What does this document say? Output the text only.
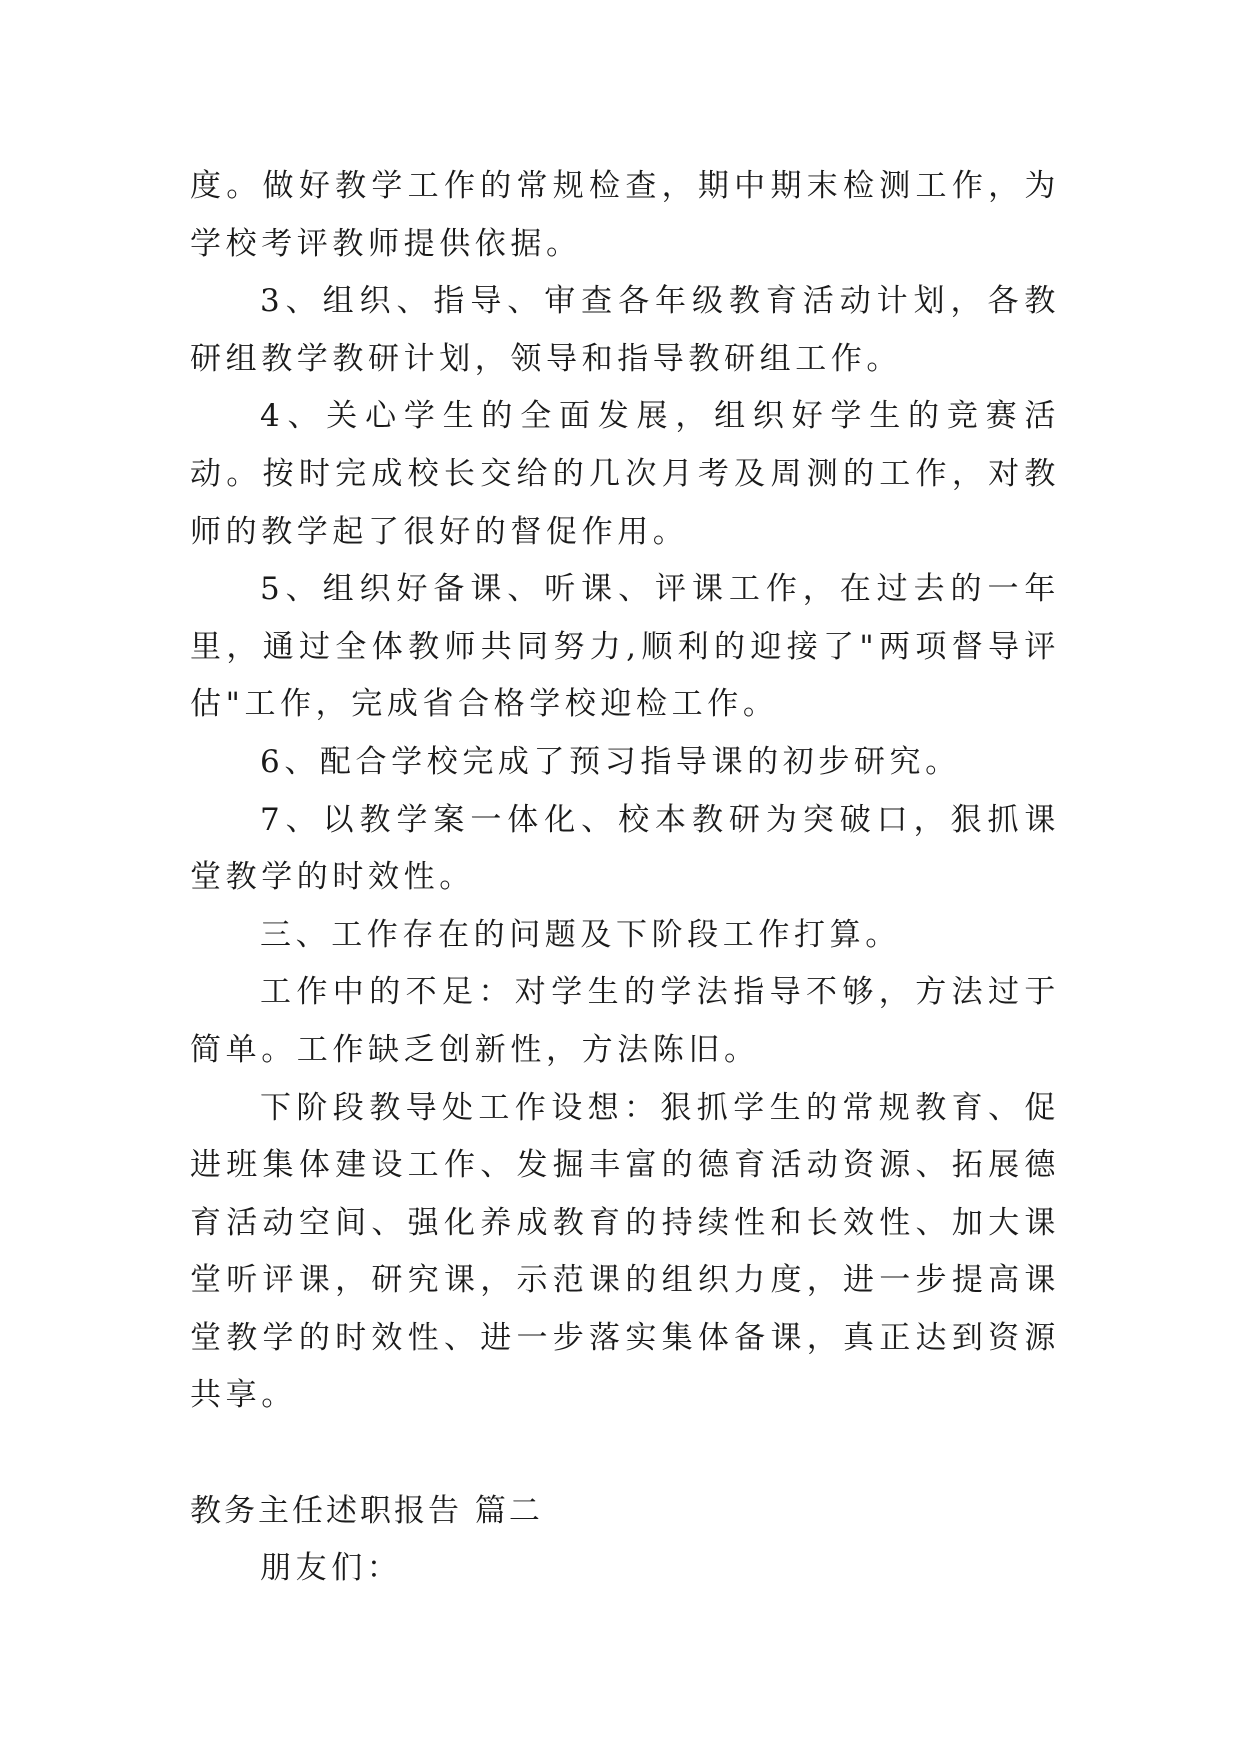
度。做好教学工作的常规检查，期中期末检测工作，为学校考评教师提供依据。

3、组织、指导、审查各年级教育活动计划，各教研组教学教研计划，领导和指导教研组工作。

4、关心学生的全面发展，组织好学生的竞赛活动。按时完成校长交给的几次月考及周测的工作，对教师的教学起了很好的督促作用。

5、组织好备课、听课、评课工作，在过去的一年里，通过全体教师共同努力,顺利的迎接了"两项督导评估"工作，完成省合格学校迎检工作。

6、配合学校完成了预习指导课的初步研究。

7、以教学案一体化、校本教研为突破口，狠抓课堂教学的时效性。

三、工作存在的问题及下阶段工作打算。

工作中的不足：对学生的学法指导不够，方法过于简单。工作缺乏创新性，方法陈旧。

下阶段教导处工作设想：狠抓学生的常规教育、促进班集体建设工作、发掘丰富的德育活动资源、拓展德育活动空间、强化养成教育的持续性和长效性、加大课堂听评课，研究课，示范课的组织力度，进一步提高课堂教学的时效性、进一步落实集体备课，真正达到资源共享。

教务主任述职报告 篇二

朋友们：
